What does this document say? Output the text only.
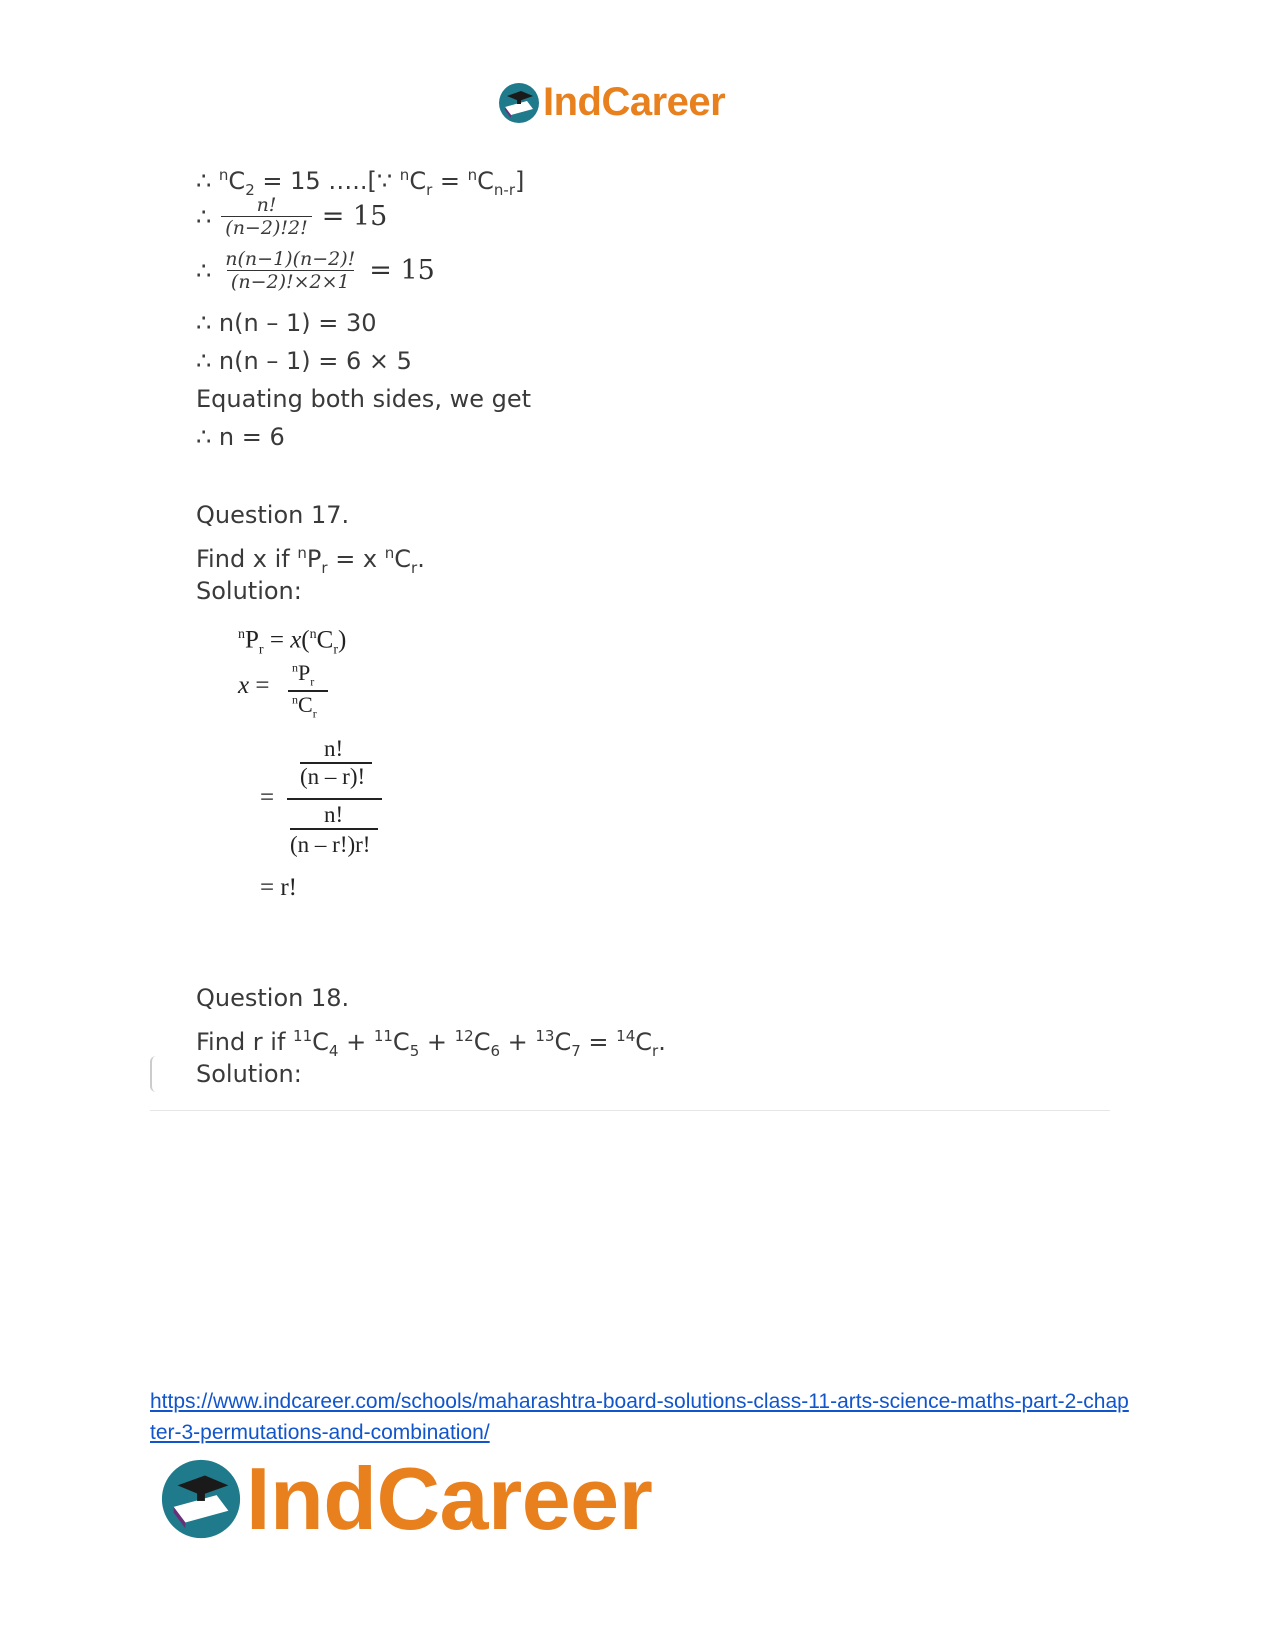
IndCareer
∴ $^nC_2 = 15$ …..[∵ $^nC_r = ^nC_{n-r}$]
∴ $\frac{n!}{(n-2)!2!} = 15$
∴ $\frac{n(n-1)(n-2)!}{(n-2)!\times 2\times 1} = 15$
∴ n(n – 1) = 30
∴ n(n – 1) = 6 × 5
Equating both sides, we get
∴ n = 6
Question 17.
Find x if $^nP_r = x$ $^nC_r$.
Solution:
$^nP_r = x(^nC_r)$
x =
$^nP_r$
$^nC_r$
n!
(n – r)!
=
n!
(n – r!)r!
= r!
Question 18.
Find r if $^{11}C_4 + ^{11}C_5 + ^{12}C_6 + ^{13}C_7 = ^{14}C_r$.
Solution:
https://www.indcareer.com/schools/maharashtra-board-solutions-class-11-arts-science-maths-part-2-chapter-3-permutations-and-combination/
IndCareer
